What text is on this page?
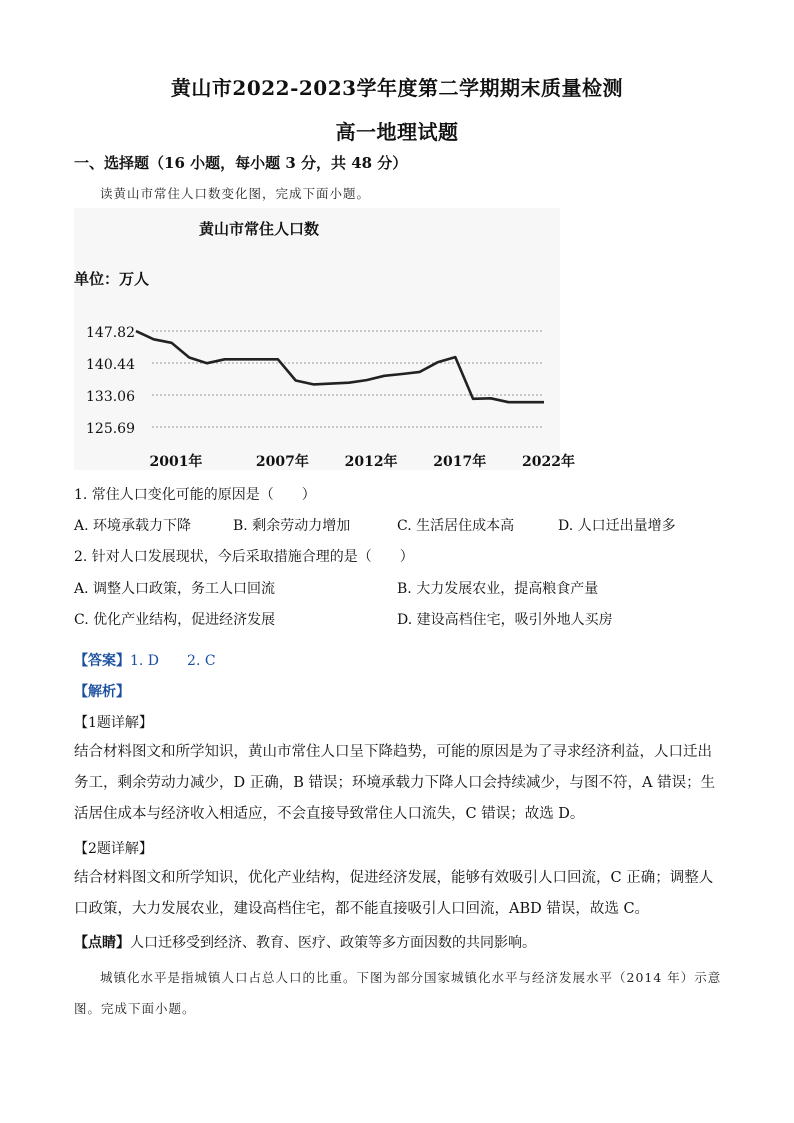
黄山市2022-2023学年度第二学期期末质量检测
高一地理试题
一、选择题（16 小题，每小题 3 分，共 48 分）
读黄山市常住人口数变化图，完成下面小题。
黄山市常住人口数
单位：万人
147.82
140.44
133.06
125.69
2001年	2007年	2012年	2017年	2022年
1. 常住人口变化可能的原因是（　　）
A. 环境承载力下降	B. 剩余劳动力增加	C. 生活居住成本高	D. 人口迁出量增多
2. 针对人口发展现状，今后采取措施合理的是（　　）
A. 调整人口政策，务工人口回流	B. 大力发展农业，提高粮食产量
C. 优化产业结构，促进经济发展	D. 建设高档住宅，吸引外地人买房
【答案】1. D　　2. C
【解析】
【1题详解】
结合材料图文和所学知识，黄山市常住人口呈下降趋势，可能的原因是为了寻求经济利益，人口迁出务工，剩余劳动力减少，D 正确，B 错误；环境承载力下降人口会持续减少，与图不符，A 错误；生活居住成本与经济收入相适应，不会直接导致常住人口流失，C 错误；故选 D。
【2题详解】
结合材料图文和所学知识，优化产业结构，促进经济发展，能够有效吸引人口回流，C 正确；调整人口政策，大力发展农业，建设高档住宅，都不能直接吸引人口回流，ABD 错误，故选 C。
【点睛】人口迁移受到经济、教育、医疗、政策等多方面因数的共同影响。
城镇化水平是指城镇人口占总人口的比重。下图为部分国家城镇化水平与经济发展水平（2014 年）示意图。完成下面小题。
